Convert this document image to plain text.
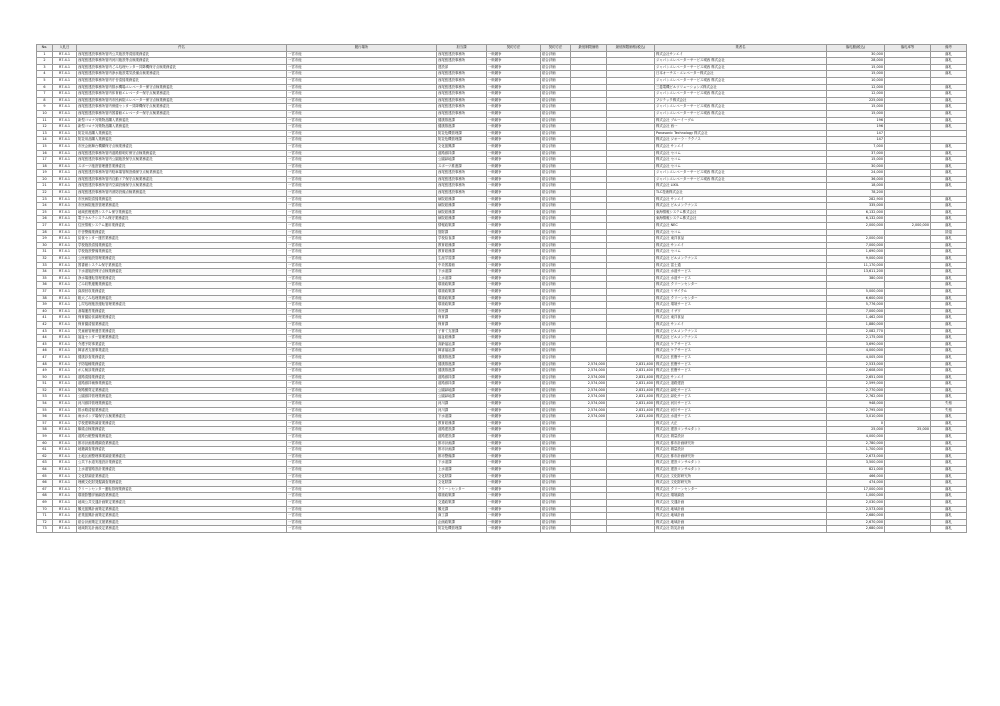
No.	入札日	件名	履行場所	担当課	契約方法	契約方法	最低制限価格	最低制限価格(税込)	業者名	落札額(税込)	落札率等	備考
1	R7.4.1	西尾張建設事務所管内公共施設等清掃業務委託	一宮市他	西尾張建設事務所	一般競争	総合評価			株式会社サンエイ	30,000		落札
2	R7.4.1	西尾張建設事務所管内河川施設等点検業務委託	一宮市他	西尾張建設事務所	一般競争	総合評価			ジャパンエレベーターサービス城西 株式会社	28,000		落札
3	R7.4.1	西尾張建設事務所管内ごみ処理センター昇降機保守点検業務委託	一宮市他	建設部	一般競争	総合評価			ジャパンエレベーターサービス城西 株式会社	15,000		落札
4	R7.4.1	西尾張建設事務所管内浄水施設電気設備点検業務委託	一宮市他	西尾張建設事務所	一般競争	総合評価			日本オーチス・エレベーター株式会社	15,000		落札
5	R7.4.1	西尾張建設事務所管内庁舎清掃業務委託	一宮市他	西尾張建設事務所	一般競争	総合評価			ジャパンエレベーターサービス城西 株式会社	10,000		
6	R7.4.1	西尾張建設事務所管内排水機場エレベーター保守点検業務委託	一宮市他	西尾張建設事務所	一般競争	総合評価			三菱電機ビルソリューションズ株式会社	12,000		落札
7	R7.4.1	西尾張建設事務所管内体育館エレベーター保守点検業務委託	一宮市他	西尾張建設事務所	一般競争	総合評価			ジャパンエレベーターサービス城西 株式会社	12,000		落札
8	R7.4.1	西尾張建設事務所管内市民病院エレベーター保守点検業務委託	一宮市他	西尾張建設事務所	一般競争	総合評価			フジテック株式会社	225,000		落札
9	R7.4.1	西尾張建設事務所管内保健センター昇降機保守点検業務委託	一宮市他	西尾張建設事務所	一般競争	総合評価			ジャパンエレベーターサービス城西 株式会社	15,000		落札
10	R7.4.1	西尾張建設事務所管内図書館エレベーター保守点検業務委託	一宮市他	西尾張建設事務所	一般競争	総合評価			ジャパンエレベーターサービス城西 株式会社	15,000		落札
11	R7.4.1	新型コロナ対策物品購入業務委託	一宮市他	健康推進課	一般競争	総合評価			株式会社 ブルーイーグル	196		落札
12	R7.4.1	新型コロナ対策物品購入業務委託	一宮市他	健康推進課	一般競争	総合評価			株式会社 西一	196		落札
13	R7.4.1	防災用品購入業務委託	一宮市他	防災危機管理課	一般競争	総合評価			Panasonic Technology 株式会社	147		
14	R7.4.1	防災用品購入業務委託	一宮市他	防災危機管理課	一般競争	総合評価			株式会社 ジオーラ・テクノス	147		
15	R7.4.1	市民会館舞台機構保守点検業務委託	一宮市他	文化振興課	一般競争	総合評価			株式会社 サンエイ	7,000		落札
16	R7.4.1	西尾張建設事務所管内道路照明灯保守点検業務委託	一宮市他	道路維持課	一般競争	総合評価			株式会社 セコム	37,000		落札
17	R7.4.1	西尾張建設事務所管内公園施設保守点検業務委託	一宮市他	公園緑地課	一般競争	総合評価			株式会社 セコム	15,000		落札
18	R7.4.1	スポーツ施設管理運営業務委託	一宮市他	スポーツ推進課	一般競争	総合評価			株式会社 セコム	30,000		落札
19	R7.4.1	西尾張建設事務所管内駐車場管制設備保守点検業務委託	一宮市他	西尾張建設事務所	一般競争	総合評価			ジャパンエレベーターサービス城西 株式会社	24,000		落札
20	R7.4.1	西尾張建設事務所管内自動ドア保守点検業務委託	一宮市他	西尾張建設事務所	一般競争	総合評価			ジャパンエレベーターサービス城西 株式会社	36,000		落札
21	R7.4.1	西尾張建設事務所管内空調設備保守点検業務委託	一宮市他	西尾張建設事務所	一般競争	総合評価			株式会社 LIXIL	18,000		落札
22	R7.4.1	西尾張建設事務所管内消防設備点検業務委託	一宮市他	西尾張建設事務所	一般競争	総合評価			TLC技術株式会社	78,200		
23	R7.4.1	市民病院清掃業務委託	一宮市他	病院総務課	一般競争	総合評価			株式会社 サンエイ	282,900		落札
24	R7.4.1	市民病院施設管理業務委託	一宮市他	病院総務課	一般競争	総合評価			株式会社 ビルメンテナンス	335,000		落札
25	R7.4.1	地域医療連携システム保守業務委託	一宮市他	病院総務課	一般競争	総合評価			東海情報システム株式会社	6,132,000		落札
26	R7.4.1	電子カルテシステム保守業務委託	一宮市他	病院総務課	一般競争	総合評価			東海情報システム株式会社	6,132,000		落札
27	R7.4.1	住民情報システム運用業務委託	一宮市他	情報政策課	一般競争	総合評価			株式会社 NEC	2,000,000	2,000,000	落札
28	R7.4.1	庁舎警備業務委託	一宮市他	管財課	一般競争	総合評価			株式会社 セコム			辞退
29	R7.4.1	給食センター運営業務委託	一宮市他	学校給食課	一般競争	総合評価			株式会社 東洋食品	2,000,000		落札
30	R7.4.1	学校施設清掃業務委託	一宮市他	教育総務課	一般競争	総合評価			株式会社 サンエイ	7,000,000		落札
31	R7.4.1	学校施設警備業務委託	一宮市他	教育総務課	一般競争	総合評価			株式会社 セコム	1,690,000		落札
32	R7.4.1	公民館施設管理業務委託	一宮市他	生涯学習課	一般競争	総合評価			株式会社 ビルメンテナンス	9,000,000		落札
33	R7.4.1	図書館システム保守業務委託	一宮市他	中央図書館	一般競争	総合評価			株式会社 富士通	11,170,000		落札
34	R7.4.1	下水道施設保守点検業務委託	一宮市他	下水道課	一般競争	総合評価			株式会社 水道サービス	13,611,200		落札
35	R7.4.1	浄水場運転管理業務委託	一宮市他	上水道課	一般競争	総合評価			株式会社 水道サービス	380,000		落札
36	R7.4.1	ごみ収集運搬業務委託	一宮市他	環境政策課	一般競争	総合評価			株式会社 クリーンセンター			落札
37	R7.4.1	資源回収業務委託	一宮市他	環境政策課	一般競争	総合評価			株式会社 リサイクル	5,000,000		落札
38	R7.4.1	粗大ごみ処理業務委託	一宮市他	環境政策課	一般競争	総合評価			株式会社 クリーンセンター	6,600,000		落札
39	R7.4.1	し尿処理施設運転管理業務委託	一宮市他	環境政策課	一般競争	総合評価			株式会社 環境サービス	5,776,000		落札
40	R7.4.1	斎場運営業務委託	一宮市他	市民課	一般競争	総合評価			株式会社 イザワ	7,000,000		落札
41	R7.4.1	保育園給食調理業務委託	一宮市他	保育課	一般競争	総合評価			株式会社 東洋食品	1,462,000		落札
42	R7.4.1	保育園清掃業務委託	一宮市他	保育課	一般競争	総合評価			株式会社 サンエイ	1,880,000		落札
43	R7.4.1	児童館管理運営業務委託	一宮市他	子育て支援課	一般競争	総合評価			株式会社 ビルメンテナンス	2,082,770		落札
44	R7.4.1	福祉センター管理業務委託	一宮市他	福祉総務課	一般競争	総合評価			株式会社 ビルメンテナンス	2,175,000		落札
45	R7.4.1	介護予防事業委託	一宮市他	高齢福祉課	一般競争	総合評価			株式会社 ケアサービス	3,690,000		落札
46	R7.4.1	障害者支援事業委託	一宮市他	障害福祉課	一般競争	総合評価			株式会社 ケアサービス	4,000,000		落札
47	R7.4.1	健康診査業務委託	一宮市他	健康推進課	一般競争	総合評価			株式会社 医療サービス	4,005,000		落札
48	R7.4.1	予防接種業務委託	一宮市他	健康推進課	一般競争	総合評価	2,574,000	2,831,400	株式会社 医療サービス	2,533,000		落札
49	R7.4.1	がん検診業務委託	一宮市他	健康推進課	一般競争	総合評価	2,574,000	2,831,400	株式会社 医療サービス	2,608,000		落札
50	R7.4.1	道路清掃業務委託	一宮市他	道路維持課	一般競争	総合評価	2,574,000	2,831,400	株式会社 サンエイ	2,651,000		落札
51	R7.4.1	道路維持補修業務委託	一宮市他	道路維持課	一般競争	総合評価	2,574,000	2,831,400	株式会社 道路建設	2,599,000		落札
52	R7.4.1	街路樹剪定業務委託	一宮市他	公園緑地課	一般競争	総合評価	2,574,000	2,831,400	株式会社 緑化サービス	2,770,000		落札
53	R7.4.1	公園維持管理業務委託	一宮市他	公園緑地課	一般競争	総合評価	2,574,000	2,831,400	株式会社 緑化サービス	2,762,000		落札
54	R7.4.1	河川維持管理業務委託	一宮市他	河川課	一般競争	総合評価	2,574,000	2,831,400	株式会社 河川サービス	948,000		失格
55	R7.4.1	排水路清掃業務委託	一宮市他	河川課	一般競争	総合評価	2,574,000	2,831,400	株式会社 河川サービス	2,795,000		失格
56	R7.4.1	雨水ポンプ場保守点検業務委託	一宮市他	下水道課	一般競争	総合評価	2,574,000	2,831,400	株式会社 水道サービス	3,010,000		落札
57	R7.4.1	学校建築物調査業務委託	一宮市他	教育総務課	一般競争	総合評価			株式会社 大正	0		落札
58	R7.4.1	橋梁点検業務委託	一宮市他	道路建設課	一般競争	総合評価			株式会社 建設コンサルタント	25,000	25,000	落札
59	R7.4.1	道路台帳整備業務委託	一宮市他	道路建設課	一般競争	総合評価			株式会社 測量設計	4,000,000		落札
60	R7.4.1	都市計画基礎調査業務委託	一宮市他	都市計画課	一般競争	総合評価			株式会社 都市計画研究所	2,780,000		落札
61	R7.4.1	地籍調査業務委託	一宮市他	都市計画課	一般競争	総合評価			株式会社 測量設計	1,700,000		落札
62	R7.4.1	土地区画整理事業調査業務委託	一宮市他	都市整備課	一般競争	総合評価			株式会社 都市計画研究所	2,673,000		落札
63	R7.4.1	公共下水道実施設計業務委託	一宮市他	下水道課	一般競争	総合評価			株式会社 建設コンサルタント	3,500,000		落札
64	R7.4.1	上水道管路設計業務委託	一宮市他	上水道課	一般競争	総合評価			株式会社 建設コンサルタント	821,000		落札
65	R7.4.1	文化財調査業務委託	一宮市他	文化財課	一般競争	総合評価			株式会社 文化財研究所	466,000		落札
66	R7.4.1	埋蔵文化財発掘調査業務委託	一宮市他	文化財課	一般競争	総合評価			株式会社 文化財研究所	474,000		落札
67	R7.4.1	クリーンセンター運転管理業務委託	一宮市他	クリーンセンター	一般競争	総合評価			株式会社 クリーンセンター	17,000,000		落札
68	R7.4.1	環境影響評価調査業務委託	一宮市他	環境政策課	一般競争	総合評価			株式会社 環境調査	1,000,000		落札
69	R7.4.1	地域公共交通計画策定業務委託	一宮市他	交通政策課	一般競争	総合評価			株式会社 交通計画	2,030,000		落札
70	R7.4.1	観光振興計画策定業務委託	一宮市他	観光課	一般競争	総合評価			株式会社 地域計画	2,573,000		落札
71	R7.4.1	産業振興計画策定業務委託	一宮市他	商工課	一般競争	総合評価			株式会社 地域計画	2,680,000		落札
72	R7.4.1	総合計画策定支援業務委託	一宮市他	企画政策課	一般競争	総合評価			株式会社 地域計画	2,670,000		落札
73	R7.4.1	地域防災計画改定業務委託	一宮市他	防災危機管理課	一般競争	総合評価			株式会社 防災計画	2,680,000		落札
